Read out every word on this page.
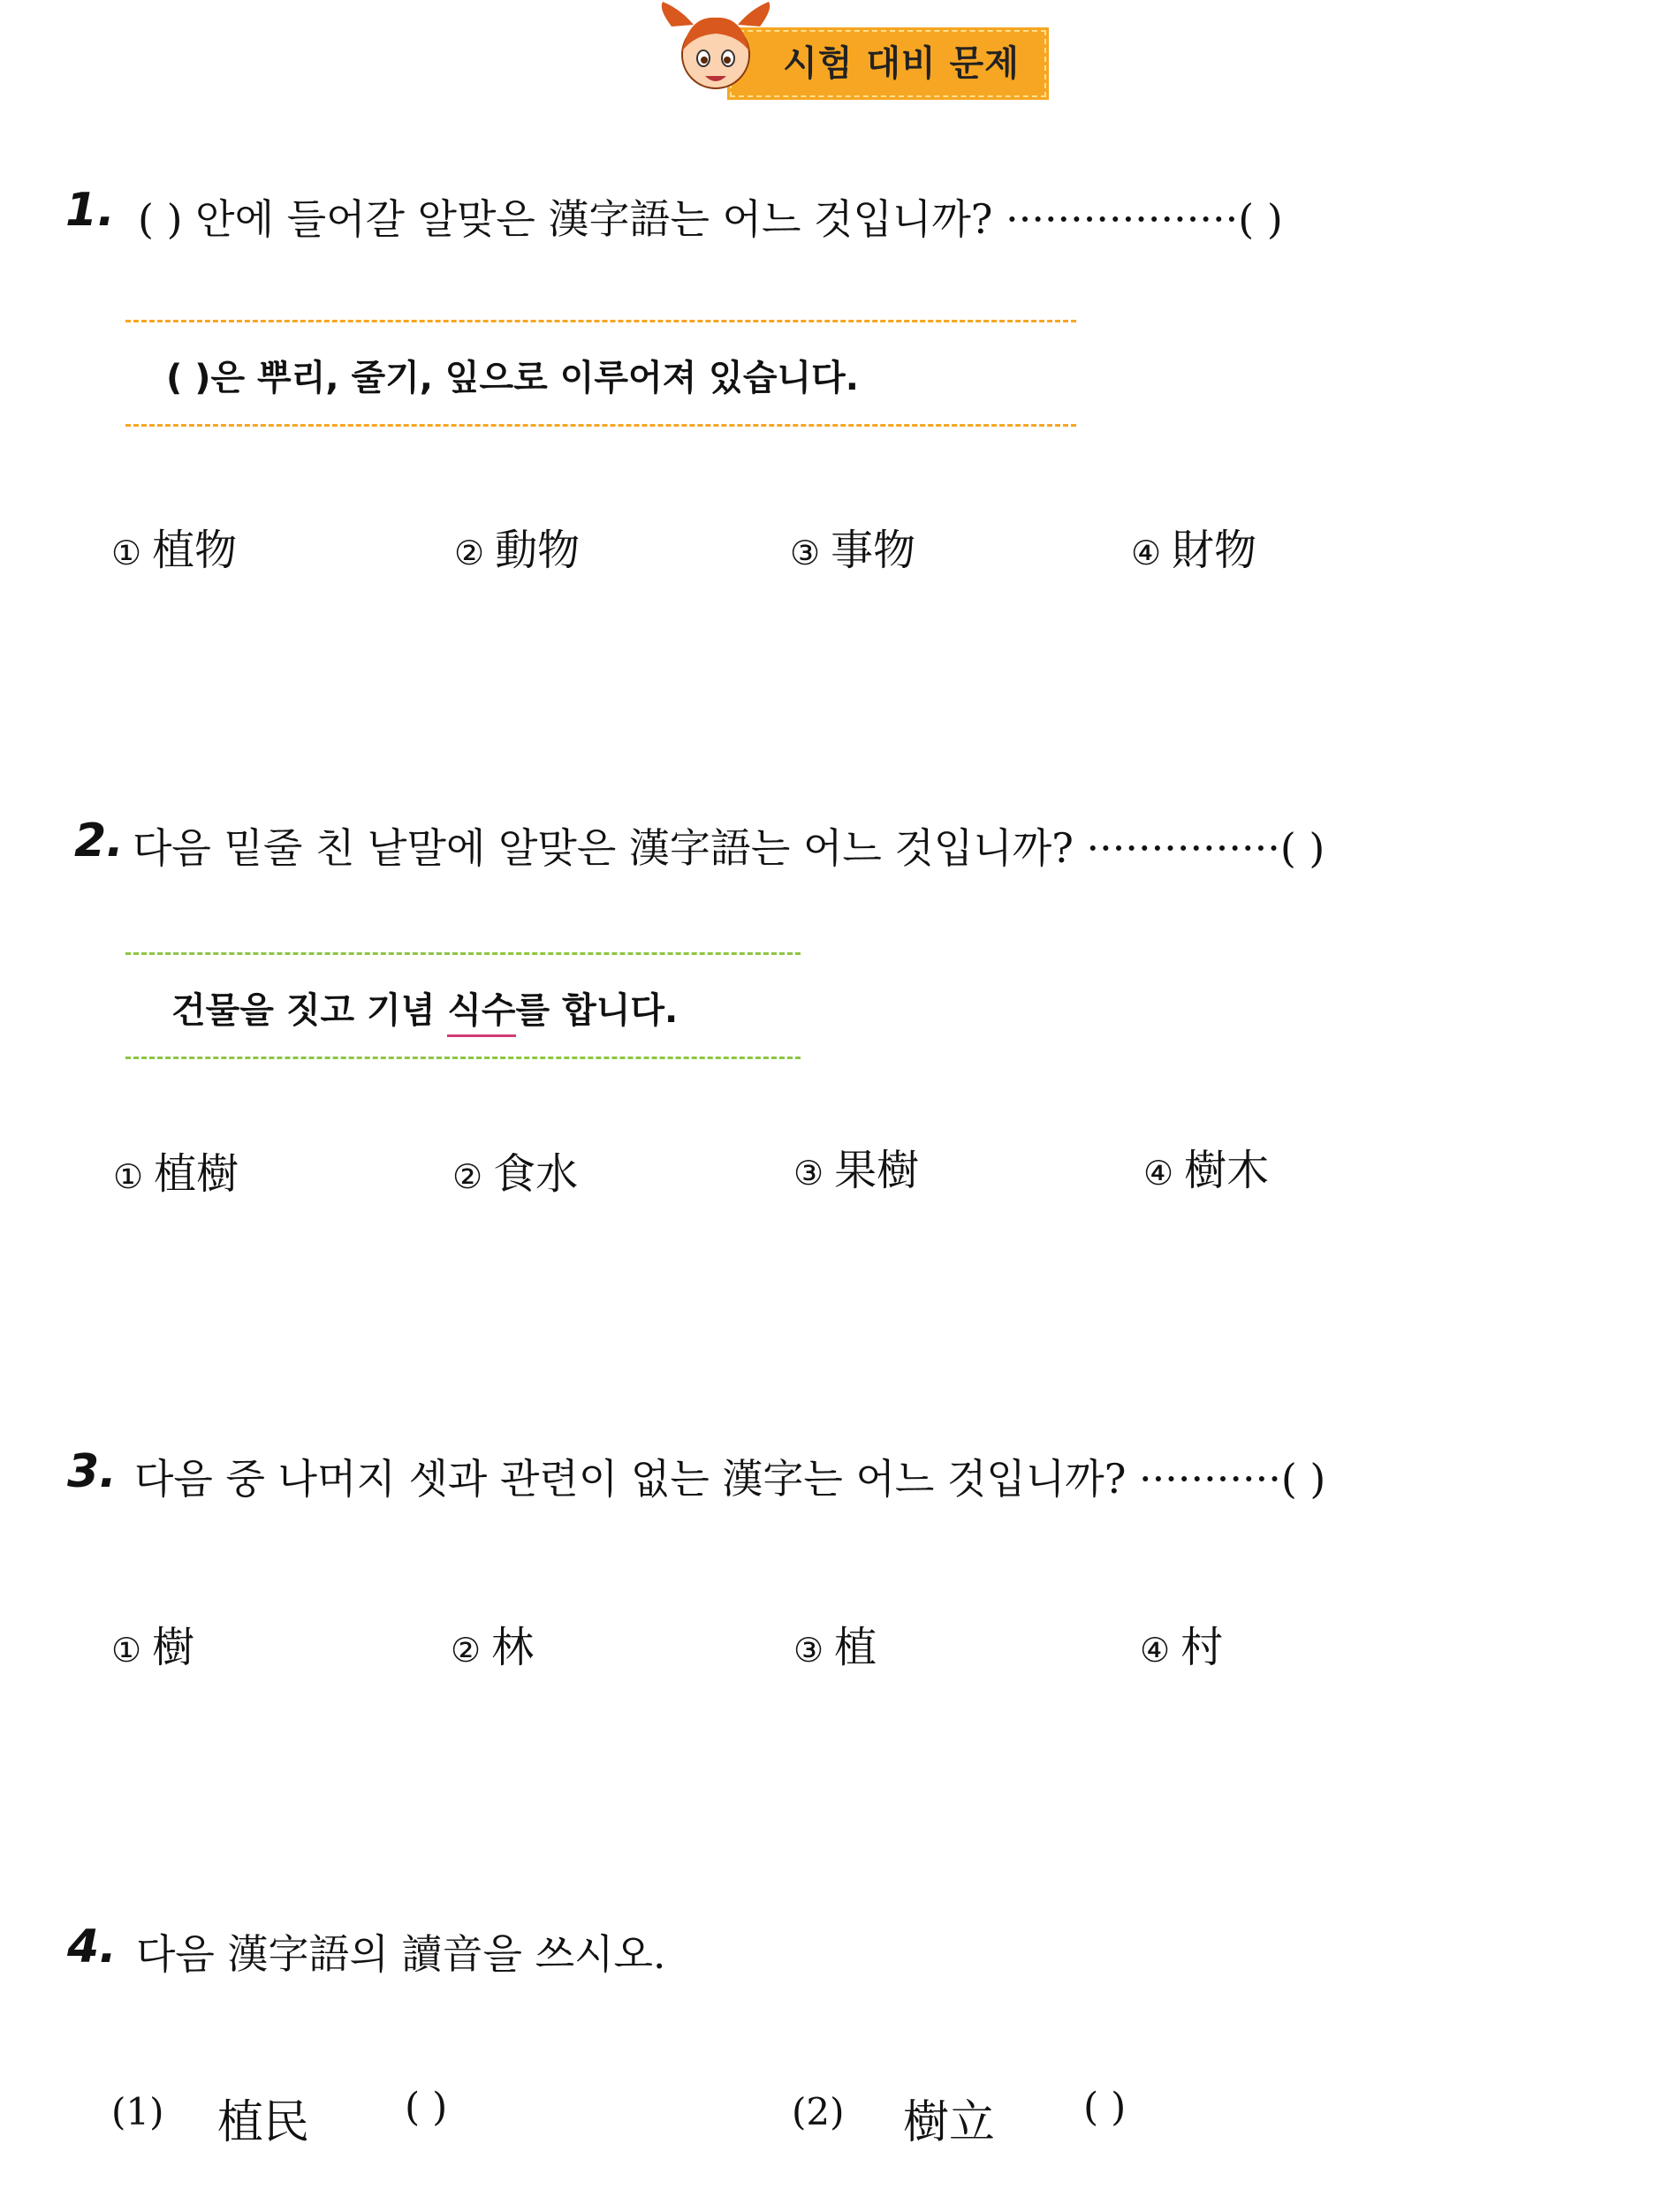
시험 대비 문제
1. ( ) 안에 들어갈 알맞은 漢字語는 어느 것입니까? ··················( )
( )은 뿌리, 줄기, 잎으로 이루어져 있습니다.
① 植物	② 動物	③ 事物	④ 財物
2. 다음 밑줄 친 낱말에 알맞은 漢字語는 어느 것입니까? ···············( )
건물을 짓고 기념 식수를 합니다.
① 植樹	② 食水	③ 果樹	④ 樹木
3. 다음 중 나머지 셋과 관련이 없는 漢字는 어느 것입니까? ···········( )
① 樹	② 林	③ 植	④ 村
4. 다음 漢字語의 讀音을 쓰시오.
(1) 植民 ( )	(2) 樹立 ( )
